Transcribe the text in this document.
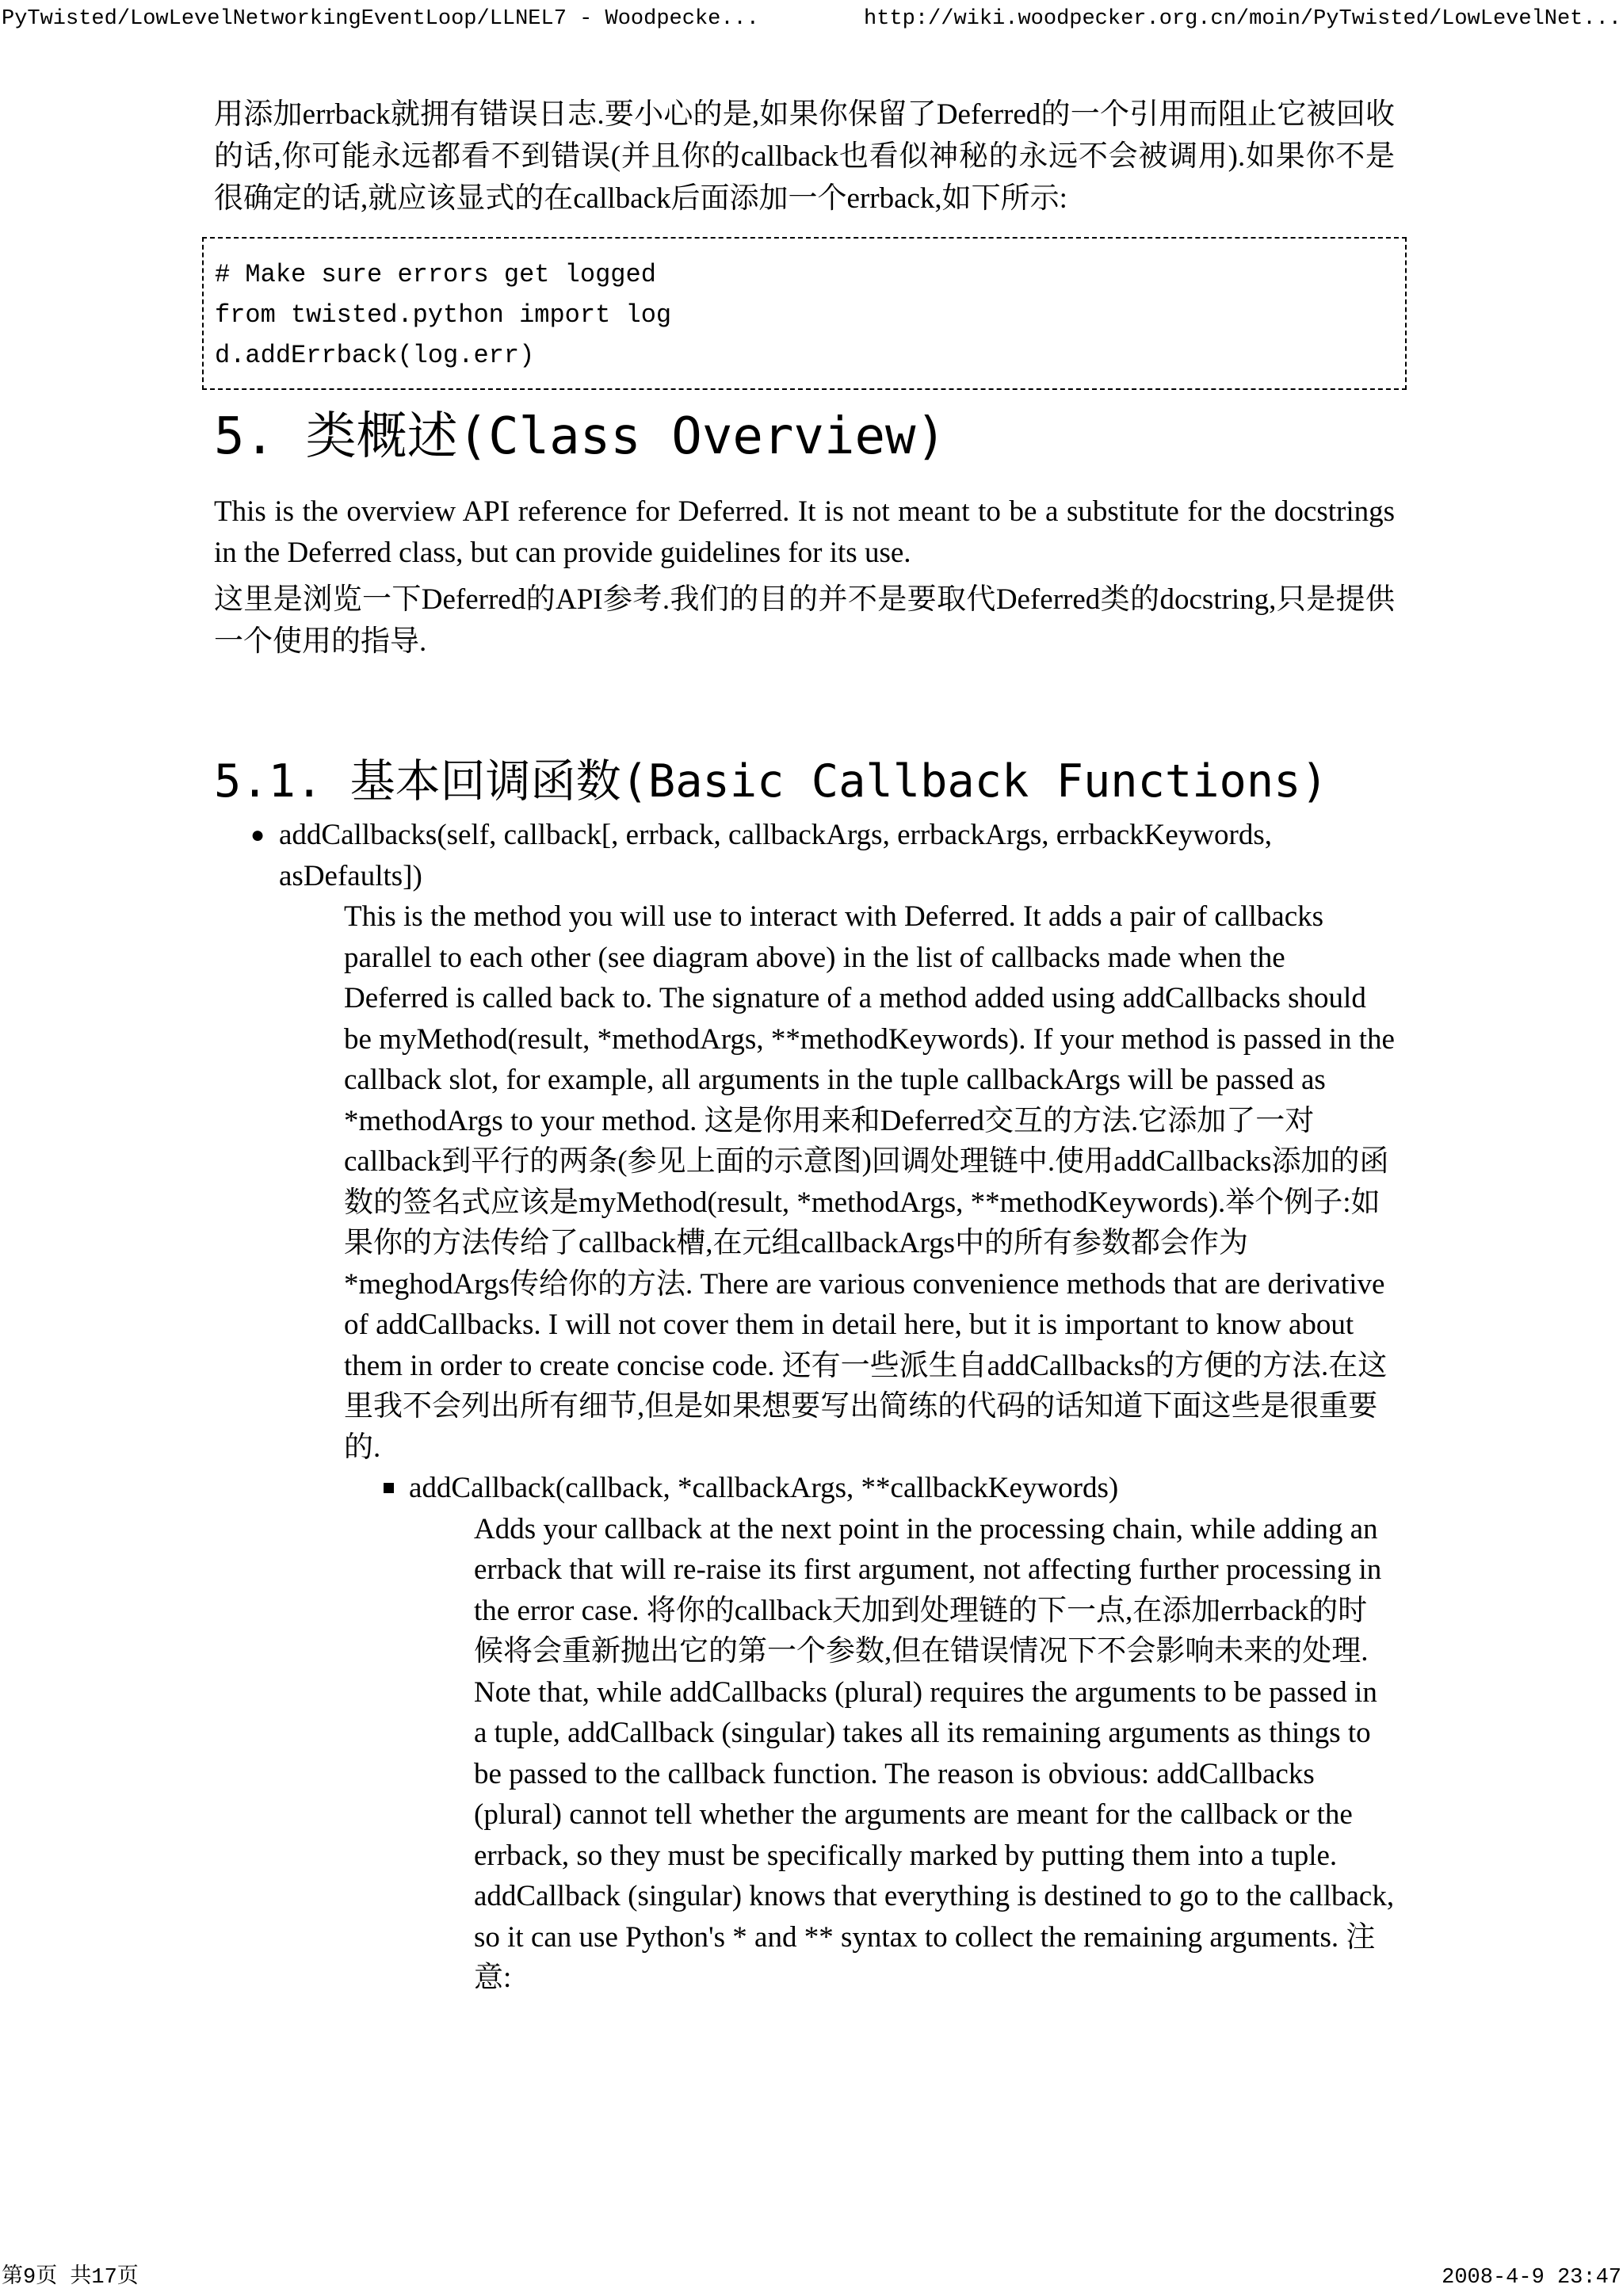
PyTwisted/LowLevelNetworkingEventLoop/LLNEL7 - Woodpecke...	http://wiki.woodpecker.org.cn/moin/PyTwisted/LowLevelNet...

用添加errback就拥有错误日志.要小心的是,如果你保留了Deferred的一个引用而阻止它被回收的话,你可能永远都看不到错误(并且你的callback也看似神秘的永远不会被调用).如果你不是很确定的话,就应该显式的在callback后面添加一个errback,如下所示:

# Make sure errors get logged
from twisted.python import log
d.addErrback(log.err)
5. 类概述(Class Overview)

This is the overview API reference for Deferred. It is not meant to be a substitute for the docstrings in the Deferred class, but can provide guidelines for its use.

这里是浏览一下Deferred的API参考.我们的目的并不是要取代Deferred类的docstring,只是提供一个使用的指导.

5.1. 基本回调函数(Basic Callback Functions)
● addCallbacks(self, callback[, errback, callbackArgs, errbackArgs, errbackKeywords, asDefaults])
This is the method you will use to interact with Deferred. It adds a pair of callbacks parallel to each other (see diagram above) in the list of callbacks made when the Deferred is called back to. The signature of a method added using addCallbacks should be myMethod(result, *methodArgs, **methodKeywords). If your method is passed in the callback slot, for example, all arguments in the tuple callbackArgs will be passed as *methodArgs to your method. 这是你用来和Deferred交互的方法.它添加了一对callback到平行的两条(参见上面的示意图)回调处理链中.使用addCallbacks添加的函数的签名式应该是myMethod(result, *methodArgs, **methodKeywords).举个例子:如果你的方法传给了callback槽,在元组callbackArgs中的所有参数都会作为*meghodArgs传给你的方法. There are various convenience methods that are derivative of addCallbacks. I will not cover them in detail here, but it is important to know about them in order to create concise code. 还有一些派生自addCallbacks的方便的方法.在这里我不会列出所有细节,但是如果想要写出简练的代码的话知道下面这些是很重要的.
addCallback(callback, *callbackArgs, **callbackKeywords)
Adds your callback at the next point in the processing chain, while adding an errback that will re-raise its first argument, not affecting further processing in the error case. 将你的callback天加到处理链的下一点,在添加errback的时候将会重新抛出它的第一个参数,但在错误情况下不会影响未来的处理. Note that, while addCallbacks (plural) requires the arguments to be passed in a tuple, addCallback (singular) takes all its remaining arguments as things to be passed to the callback function. The reason is obvious: addCallbacks (plural) cannot tell whether the arguments are meant for the callback or the errback, so they must be specifically marked by putting them into a tuple. addCallback (singular) knows that everything is destined to go to the callback, so it can use Python's * and ** syntax to collect the remaining arguments. 注意:
第9页 共17页	2008-4-9 23:47
